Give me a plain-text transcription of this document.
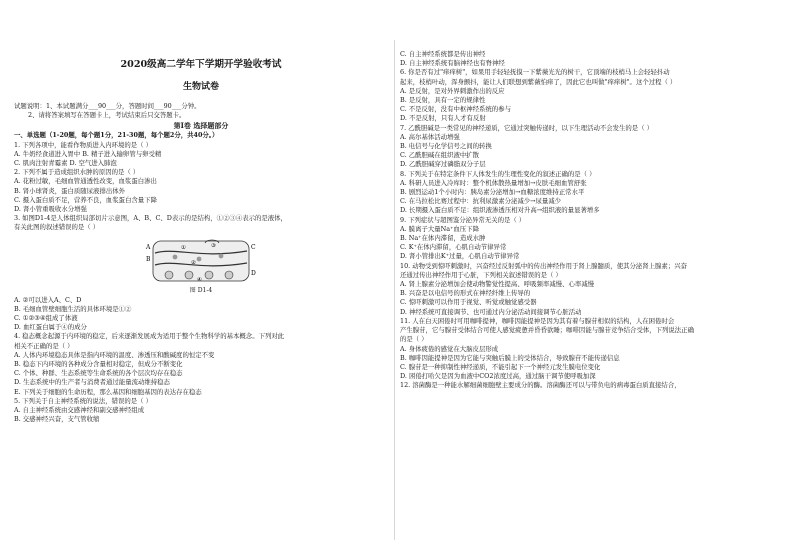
2020级高二学年下学期开学验收考试
生物试卷
试题说明：1、本试题满分___90___分，答题时间___90___分钟。
2、请将答案填写在答题卡上，考试结束后只交答题卡。
第Ⅰ卷 选择题部分
一、单选题（1-20题，每个题1分，21-30题，每个题2分，共40分。）
1. 下列各项中，能看作物质进入内环境的是（ ）
A. 牛奶经食道进入胃中 B. 精子进入输卵管与卵受精
C. 肌肉注射青霉素 D. 空气进入肺泡
2. 下列不属于造成组织水肿的原因的是（ ）
A. 花粉过敏，毛细血管通透性改变，血浆蛋白渗出
B. 肾小球肾炎，蛋白质随尿液排出体外
C. 摄入蛋白质不足，营养不良，血浆蛋白含量下降
D. 肾小管重吸收水分增强
3. 如图D1-4是人体组织局部切片示意图，A、B、C、D表示的是结构，①②③④表示的是液体，
有关此图的叙述错误的是（ ）
A
B
C
D
①
②
③
④
图 D1-4
A. ②可以进入A、C、D
B. 毛细血管壁细胞生活的具体环境是①②
C. ①②③④组成了体液
D. 血红蛋白属于④的成分
4. 稳态概念起源于内环境的稳定，后来逐渐发展成为适用于整个生物科学的基本概念。下列对此
相关不正确的是（ ）
A. 人体内环境稳态具体是指内环境的温度、渗透压和酸碱度的恒定不变
B. 稳态下内环境的各种成分含量相对稳定，但成分不断变化
C. 个体、种群、生态系统等生命系统的各个层次均存在稳态
D. 生态系统中的生产者与消费者通过能量流动维持稳态
E. 下列关于细胞的生命历程，那么基因和细胞基因的表达存在稳态
5. 下列关于自主神经系统的说法，错误的是（ ）
A. 自主神经系统由交感神经和副交感神经组成
B. 交感神经兴奋，支气管收缩
C. 自主神经系统都是传出神经
D. 自主神经系统有脑神经也有脊神经
6. 你是否有过"痒痒树"，如果用手轻轻抚摸一下紫薇光光的树干，它顶端的枝梢马上会轻轻抖动
起来，枝梢叶动，浑身颤抖，能让人们联想到紫薇怕痒了，因此它也叫做"痒痒树"。这个过程（ ）
A. 是反射，是对外界刺激作出的反应
B. 是反射，具有一定的规律性
C. 不是反射，没有中枢神经系统的参与
D. 不是反射，只有人才有反射
7. 乙酰胆碱是一类常见的神经递质，它通过突触传递时，以下生理活动不会发生的是（ ）
A. 高尔基体活动增强
B. 电信号与化学信号之间的转换
C. 乙酰胆碱在组织液中扩散
D. 乙酰胆碱穿过磷脂双分子层
8. 下列关于在特定条件下人体发生的生理性变化的叙述正确的是（ ）
A. 科研人员进入冷库时：整个机体散热量增加→皮肤毛细血管舒张
B. 剧烈运动1个小时内：胰岛素分泌增加→血糖浓度维持正常水平
C. 在马拉松比赛过程中：抗利尿激素分泌减少→尿量减少
D. 长期摄入蛋白质不足：组织液渗透压相对升高→组织液的量显著增多
9. 下列症状与超图鉴分泌异常无关的是（ ）
A. 膜离子大量Na⁺血压下降
B. Na⁺在体内滞留，造成水肿
C. K⁺在体内滞留，心肌自动节律异常
D. 肾小管排出K⁺过量，心肌自动节律异常
10. 动物受到惊吓刺激时，兴奋经过反射弧中的传出神经作用于肾上腺髓质，使其分泌肾上腺素；兴奋
还通过传出神经作用于心脏，下列相关叙述错误的是（ ）
A. 肾上腺素分泌增加会使动物警觉性提高、呼吸频率减慢、心率减慢
B. 兴奋是以电信号的形式在神经纤维上传导的
C. 惊吓刺激可以作用于视觉、听觉或触觉感受器
D. 神经系统可直接调节、也可通过内分泌活动间接调节心脏活动
11. 人在白天困倦时可用咖啡提神，咖啡因能提神是因为其有着与腺苷相似的结构，人在困倦时会
产生腺苷，它与腺苷受体结合可使人感觉疲惫并昏昏欲睡；咖啡因能与腺苷竞争结合受体，下列说法正确
的是（ ）
A. 身体疲倦的感觉在大脑皮层形成
B. 咖啡因能提神是因为它能与突触后膜上的受体结合，导致腺苷不能传递信息
C. 腺苷是一种抑制性神经递质，不能引起下一个神经元发生膜电位变化
D. 困倦打哈欠是因为血液中CO2浓度过高，通过脑干调节使呼吸加深
12. 溶菌酶是一种能水解细菌细胞壁主要成分的酶。溶菌酶还可以与带负电的病毒蛋白质直接结合，
